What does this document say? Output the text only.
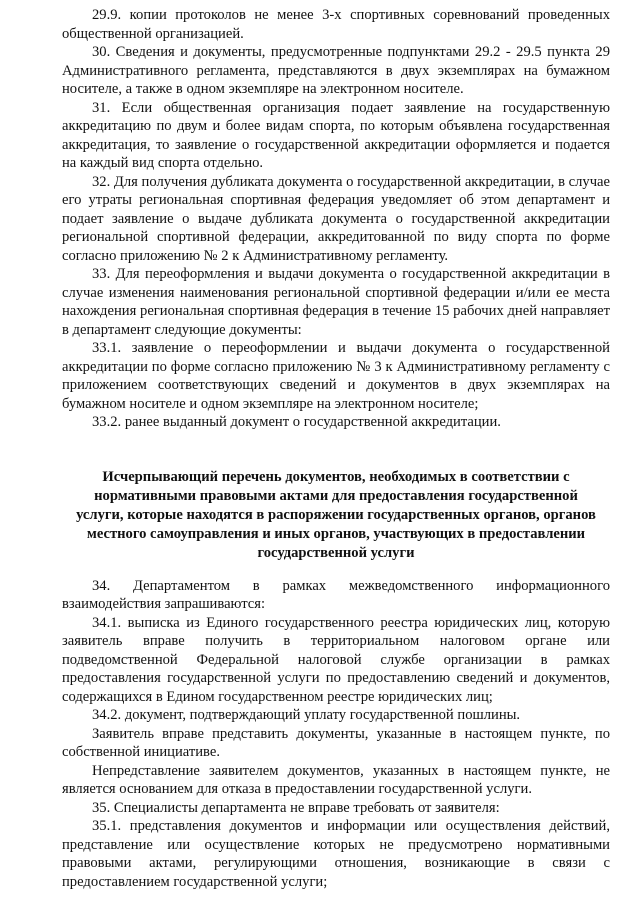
29.9. копии протоколов не менее 3-х спортивных соревнований проведенных общественной организацией.

30. Сведения и документы, предусмотренные подпунктами 29.2 - 29.5 пункта 29 Административного регламента, представляются в двух экземплярах на бумажном носителе, а также в одном экземпляре на электронном носителе.

31. Если общественная организация подает заявление на государственную аккредитацию по двум и более видам спорта, по которым объявлена государственная аккредитация, то заявление о государственной аккредитации оформляется и подается на каждый вид спорта отдельно.

32. Для получения дубликата документа о государственной аккредитации, в случае его утраты региональная спортивная федерация уведомляет об этом департамент и подает заявление о выдаче дубликата документа о государственной аккредитации региональной спортивной федерации, аккредитованной по виду спорта по форме согласно приложению № 2 к Административному регламенту.

33. Для переоформления и выдачи документа о государственной аккредитации в случае изменения наименования региональной спортивной федерации и/или ее места нахождения региональная спортивная федерация в течение 15 рабочих дней направляет в департамент следующие документы:

33.1. заявление о переоформлении и выдачи документа о государственной аккредитации по форме согласно приложению № 3 к Административному регламенту с приложением соответствующих сведений и документов в двух экземплярах на бумажном носителе и одном экземпляре на электронном носителе;

33.2. ранее выданный документ о государственной аккредитации.

Исчерпывающий перечень документов, необходимых в соответствии с нормативными правовыми актами для предоставления государственной услуги, которые находятся в распоряжении государственных органов, органов местного самоуправления и иных органов, участвующих в предоставлении государственной услуги

34. Департаментом в рамках межведомственного информационного взаимодействия запрашиваются:

34.1. выписка из Единого государственного реестра юридических лиц, которую заявитель вправе получить в территориальном налоговом органе или подведомственной Федеральной налоговой службе организации в рамках предоставления государственной услуги по предоставлению сведений и документов, содержащихся в Едином государственном реестре юридических лиц;

34.2. документ, подтверждающий уплату государственной пошлины.

Заявитель вправе представить документы, указанные в настоящем пункте, по собственной инициативе.

Непредставление заявителем документов, указанных в настоящем пункте, не является основанием для отказа в предоставлении государственной услуги.

35. Специалисты департамента не вправе требовать от заявителя:

35.1. представления документов и информации или осуществления действий, представление или осуществление которых не предусмотрено нормативными правовыми актами, регулирующими отношения, возникающие в связи с предоставлением государственной услуги;
